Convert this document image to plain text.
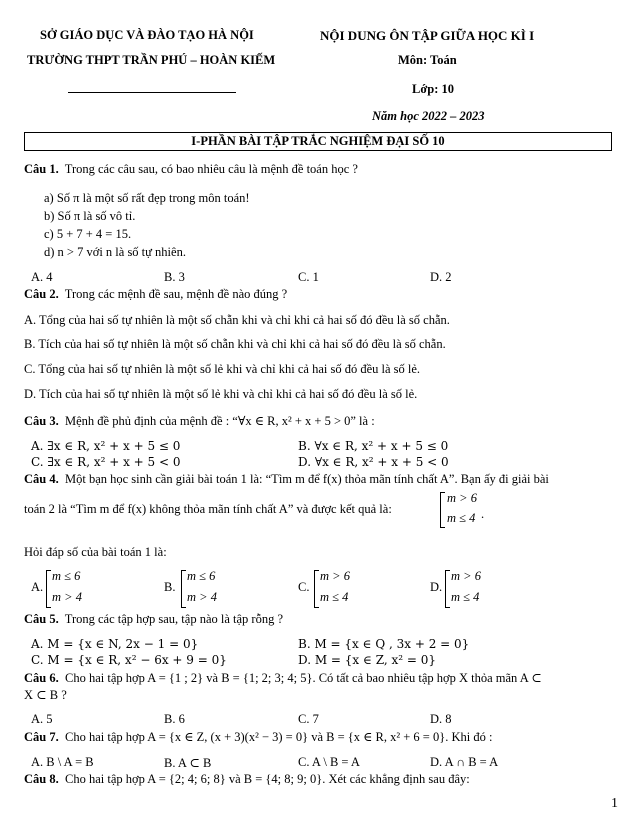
SỞ GIÁO DỤC VÀ ĐÀO TẠO HÀ NỘI
TRƯỜNG THPT TRẦN PHÚ – HOÀN KIẾM
NỘI DUNG ÔN TẬP GIỮA HỌC KÌ I
Môn: Toán
Lớp: 10
Năm học 2022 – 2023
I-PHẦN BÀI TẬP TRẮC NGHIỆM ĐẠI SỐ 10
Câu 1. Trong các câu sau, có bao nhiêu câu là mệnh đề toán học ?
a) Số π là một số rất đẹp trong môn toán!
b) Số π là số vô tỉ.
c) 5 + 7 + 4 = 15.
d) n > 7 với n là số tự nhiên.
A. 4	B. 3	C. 1	D. 2
Câu 2. Trong các mệnh đề sau, mệnh đề nào đúng ?
A. Tổng của hai số tự nhiên là một số chẵn khi và chỉ khi cả hai số đó đều là số chẵn.
B. Tích của hai số tự nhiên là một số chẵn khi và chỉ khi cả hai số đó đều là số chẵn.
C. Tổng của hai số tự nhiên là một số lẻ khi và chỉ khi cả hai số đó đều là số lẻ.
D. Tích của hai số tự nhiên là một số lẻ khi và chỉ khi cả hai số đó đều là số lẻ.
Câu 3. Mệnh đề phủ định của mệnh đề : “∀x ∈ R, x² + x + 5 > 0” là :
A. ∃x ∈ R, x² + x + 5 ≤ 0	B. ∀x ∈ R, x² + x + 5 ≤ 0
C. ∃x ∈ R, x² + x + 5 < 0	D. ∀x ∈ R, x² + x + 5 < 0
Câu 4. Một bạn học sinh cần giải bài toán 1 là: “Tìm m để f(x) thỏa mãn tính chất A”. Bạn ấy đi giải bài
toán 2 là “Tìm m để f(x) không thỏa mãn tính chất A” và được kết quả là:
m > 6
m ≤ 4 .
Hỏi đáp số của bài toán 1 là:
A.
m ≤ 6
m > 4
B.
m ≤ 6
m > 4
C.
m > 6
m ≤ 4
D.
m > 6
m ≤ 4
Câu 5. Trong các tập hợp sau, tập nào là tập rỗng ?
A. M = {x ∈ N, 2x − 1 = 0}	B. M = {x ∈ Q , 3x + 2 = 0}
C. M = {x ∈ R, x² − 6x + 9 = 0}	D. M = {x ∈ Z, x² = 0}
Câu 6. Cho hai tập hợp A = {1 ; 2} và B = {1; 2; 3; 4; 5}. Có tất cả bao nhiêu tập hợp X thỏa mãn A ⊂
X ⊂ B ?
A. 5	B. 6	C. 7	D. 8
Câu 7. Cho hai tập hợp A = {x ∈ Z, (x + 3)(x² − 3) = 0} và B = {x ∈ R, x² + 6 = 0}. Khi đó :
A. B \ A = B	B. A ⊂ B	C. A \ B = A	D. A ∩ B = A
Câu 8. Cho hai tập hợp A = {2; 4; 6; 8} và B = {4; 8; 9; 0}. Xét các khẳng định sau đây:
1
